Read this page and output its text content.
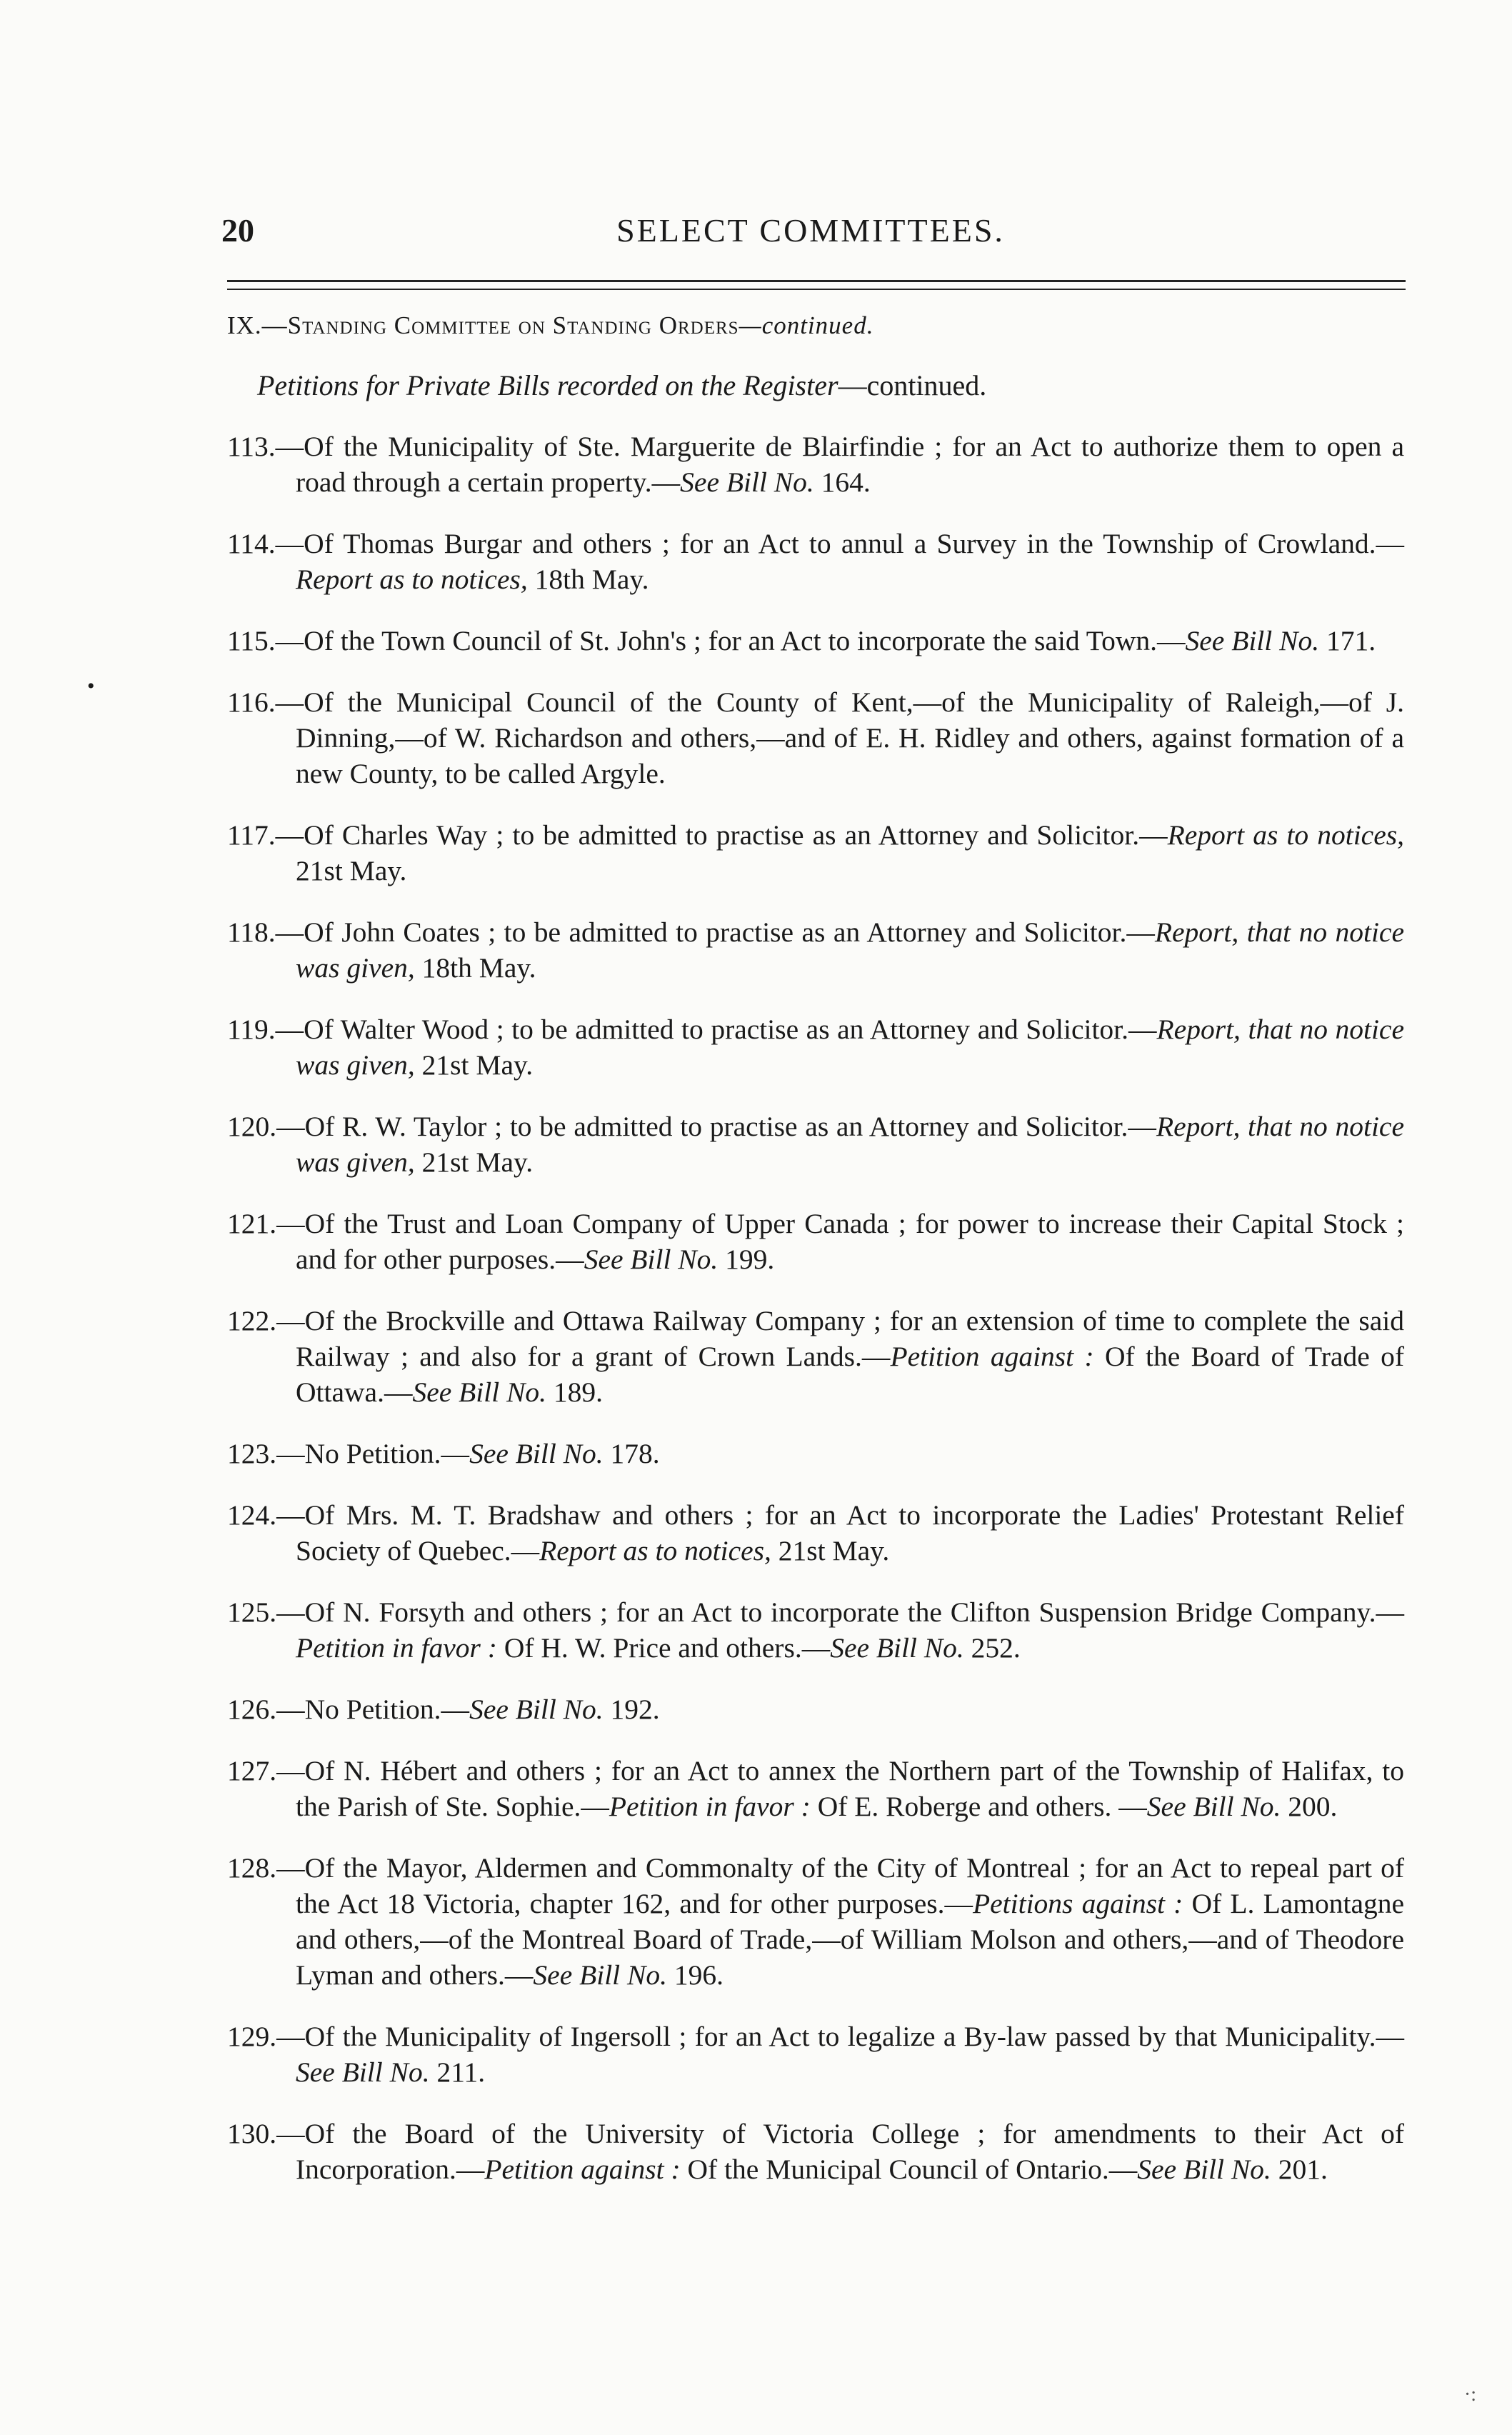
20	SELECT COMMITTEES.
IX.—Standing Committee on Standing Orders—continued.
Petitions for Private Bills recorded on the Register—continued.
•

113.—Of the Municipality of Ste. Marguerite de Blairfindie ; for an Act to authorize them to open a road through a certain property.—See Bill No. 164.

114.—Of Thomas Burgar and others ; for an Act to annul a Survey in the Township of Crowland.—Report as to notices, 18th May.

115.—Of the Town Council of St. John's ; for an Act to incorporate the said Town.—See Bill No. 171.

116.—Of the Municipal Council of the County of Kent,—of the Municipality of Raleigh,—of J. Dinning,—of W. Richardson and others,—and of E. H. Ridley and others, against formation of a new County, to be called Argyle.

117.—Of Charles Way ; to be admitted to practise as an Attorney and Solicitor.—Report as to notices, 21st May.

118.—Of John Coates ; to be admitted to practise as an Attorney and Solicitor.—Report, that no notice was given, 18th May.

119.—Of Walter Wood ; to be admitted to practise as an Attorney and Solicitor.—Report, that no notice was given, 21st May.

120.—Of R. W. Taylor ; to be admitted to practise as an Attorney and Solicitor.—Report, that no notice was given, 21st May.

121.—Of the Trust and Loan Company of Upper Canada ; for power to increase their Capital Stock ; and for other purposes.—See Bill No. 199.

122.—Of the Brockville and Ottawa Railway Company ; for an extension of time to complete the said Railway ; and also for a grant of Crown Lands.—Petition against : Of the Board of Trade of Ottawa.—See Bill No. 189.

123.—No Petition.—See Bill No. 178.

124.—Of Mrs. M. T. Bradshaw and others ; for an Act to incorporate the Ladies' Protestant Relief Society of Quebec.—Report as to notices, 21st May.

125.—Of N. Forsyth and others ; for an Act to incorporate the Clifton Suspension Bridge Company.—Petition in favor : Of H. W. Price and others.—See Bill No. 252.

126.—No Petition.—See Bill No. 192.

127.—Of N. Hébert and others ; for an Act to annex the Northern part of the Township of Halifax, to the Parish of Ste. Sophie.—Petition in favor : Of E. Roberge and others. —See Bill No. 200.

128.—Of the Mayor, Aldermen and Commonalty of the City of Montreal ; for an Act to repeal part of the Act 18 Victoria, chapter 162, and for other purposes.—Petitions against : Of L. Lamontagne and others,—of the Montreal Board of Trade,—of William Molson and others,—and of Theodore Lyman and others.—See Bill No. 196.

129.—Of the Municipality of Ingersoll ; for an Act to legalize a By-law passed by that Municipality.—See Bill No. 211.

130.—Of the Board of the University of Victoria College ; for amendments to their Act of Incorporation.—Petition against : Of the Municipal Council of Ontario.—See Bill No. 201.

·:
